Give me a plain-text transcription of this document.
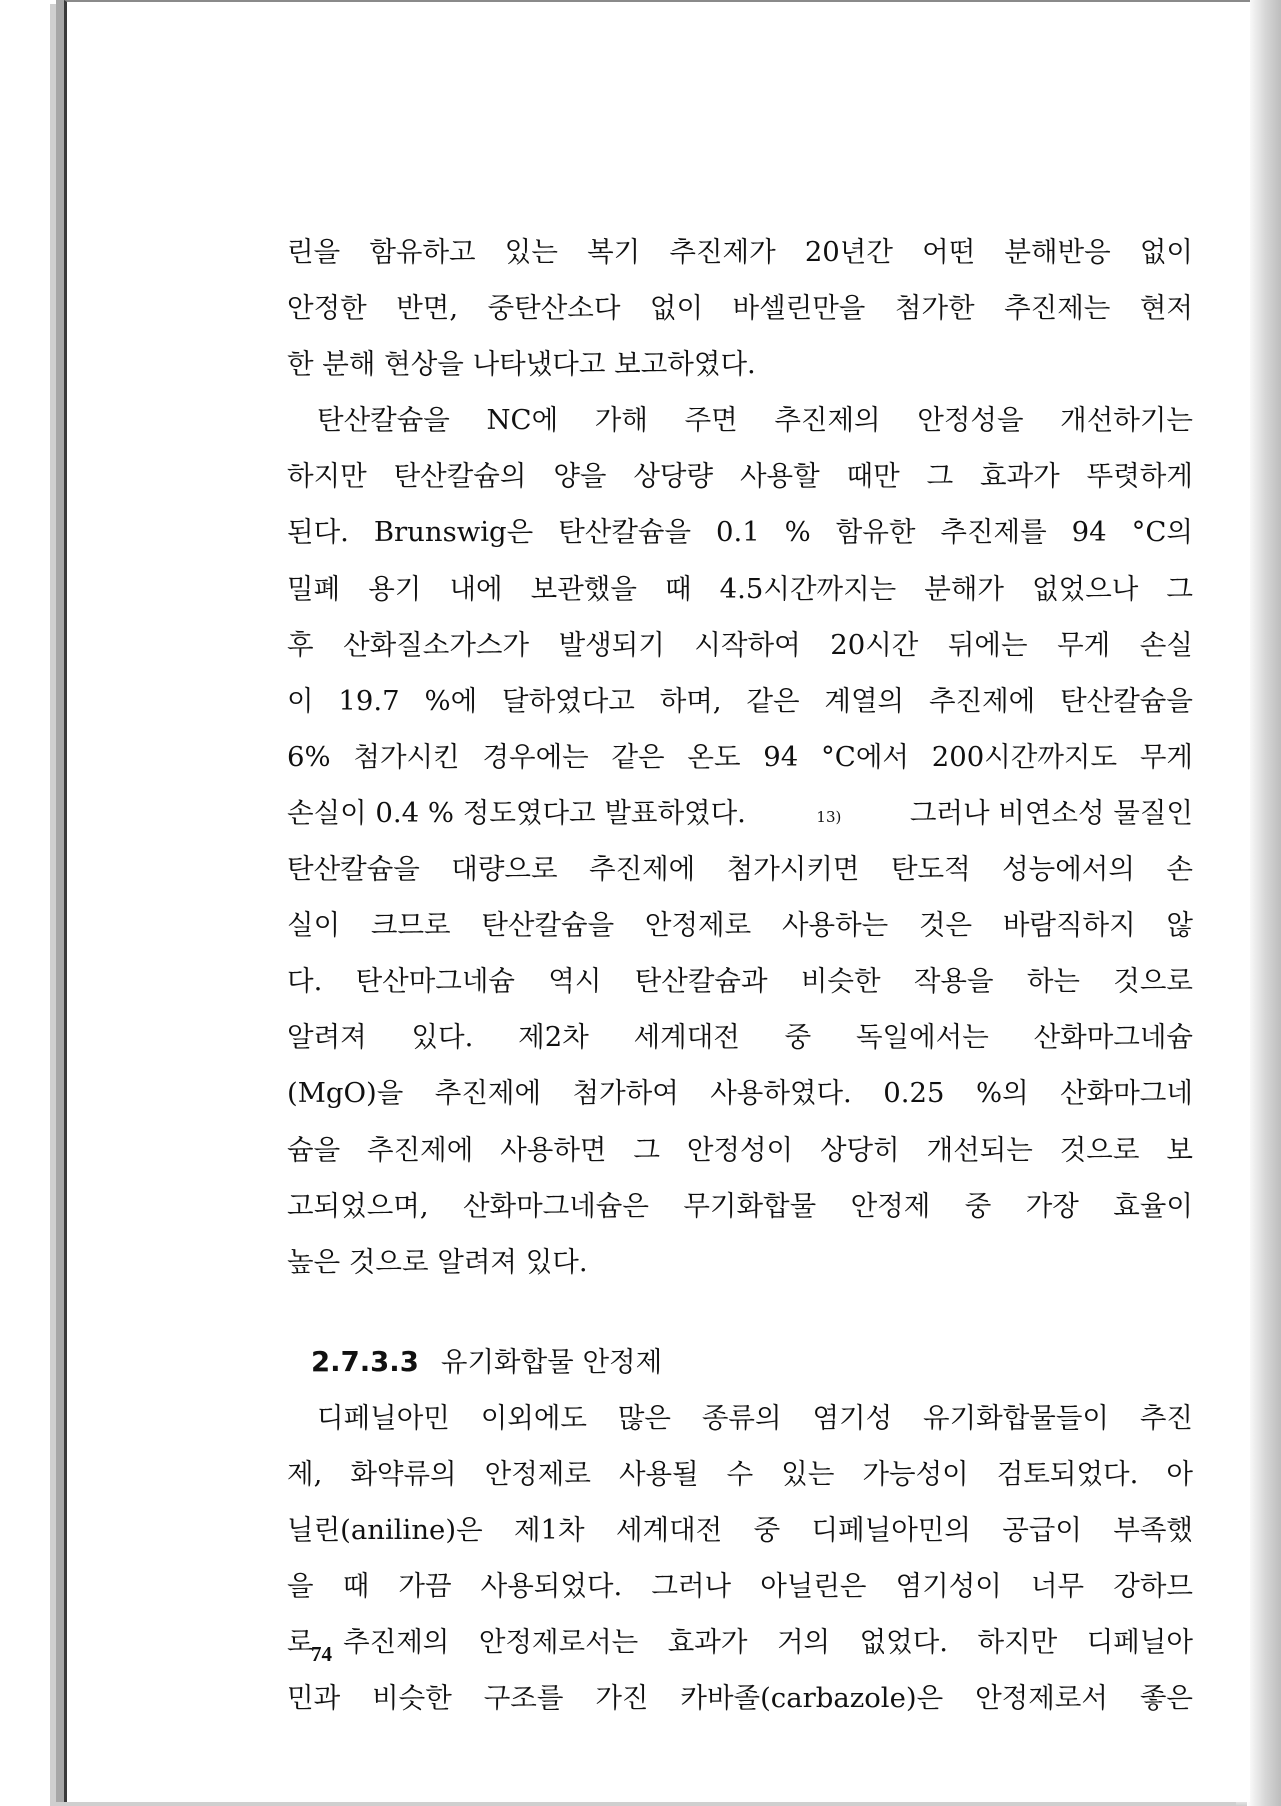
린을 함유하고 있는 복기 추진제가 20년간 어떤 분해반응 없이
안정한 반면, 중탄산소다 없이 바셀린만을 첨가한 추진제는 현저
한 분해 현상을 나타냈다고 보고하였다.
탄산칼슘을 NC에 가해 주면 추진제의 안정성을 개선하기는
하지만 탄산칼슘의 양을 상당량 사용할 때만 그 효과가 뚜렷하게
된다. Brunswig은 탄산칼슘을 0.1 % 함유한 추진제를 94 °C의
밀폐 용기 내에 보관했을 때 4.5시간까지는 분해가 없었으나 그
후 산화질소가스가 발생되기 시작하여 20시간 뒤에는 무게 손실
이 19.7 %에 달하였다고 하며, 같은 계열의 추진제에 탄산칼슘을
6% 첨가시킨 경우에는 같은 온도 94 °C에서 200시간까지도 무게
손실이 0.4 % 정도였다고 발표하였다.	13) 그러나 비연소성 물질인
탄산칼슘을 대량으로 추진제에 첨가시키면 탄도적 성능에서의 손
실이 크므로 탄산칼슘을 안정제로 사용하는 것은 바람직하지 않
다. 탄산마그네슘 역시 탄산칼슘과 비슷한 작용을 하는 것으로
알려져 있다. 제2차 세계대전 중 독일에서는 산화마그네슘
(MgO)을 추진제에 첨가하여 사용하였다. 0.25 %의 산화마그네
슘을 추진제에 사용하면 그 안정성이 상당히 개선되는 것으로 보
고되었으며, 산화마그네슘은 무기화합물 안정제 중 가장 효율이
높은 것으로 알려져 있다.
2.7.3.3 유기화합물 안정제
디페닐아민 이외에도 많은 종류의 염기성 유기화합물들이 추진
제, 화약류의 안정제로 사용될 수 있는 가능성이 검토되었다. 아
닐린(aniline)은 제1차 세계대전 중 디페닐아민의 공급이 부족했
을 때 가끔 사용되었다. 그러나 아닐린은 염기성이 너무 강하므
로 추진제의 안정제로서는 효과가 거의 없었다. 하지만 디페닐아
민과 비슷한 구조를 가진 카바졸(carbazole)은 안정제로서 좋은
74
